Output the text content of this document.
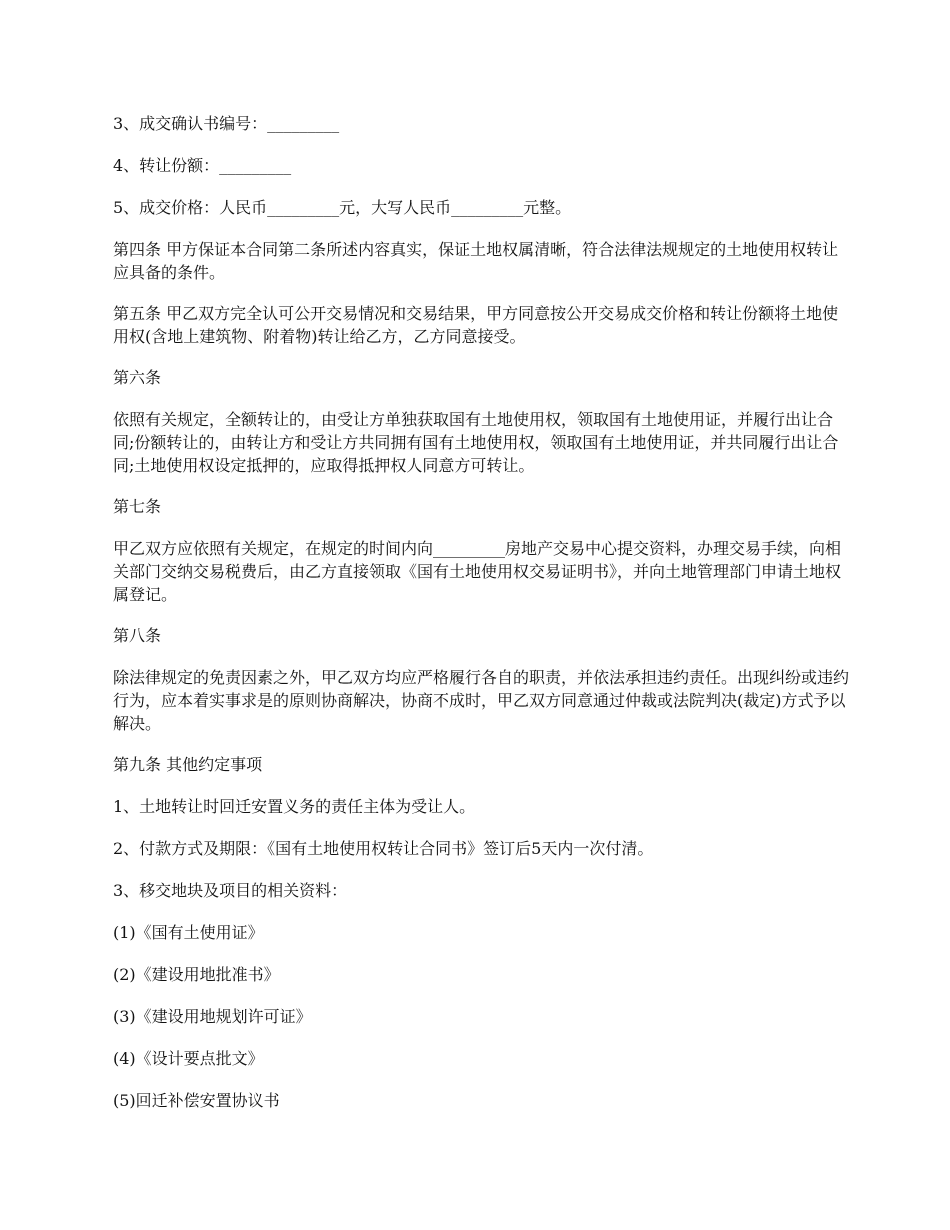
3、成交确认书编号：_________

4、转让份额：_________

5、成交价格：人民币_________元，大写人民币_________元整。

第四条 甲方保证本合同第二条所述内容真实，保证土地权属清晰，符合法律法规规定的土地使用权转让应具备的条件。

第五条 甲乙双方完全认可公开交易情况和交易结果，甲方同意按公开交易成交价格和转让份额将土地使用权(含地上建筑物、附着物)转让给乙方，乙方同意接受。

第六条

依照有关规定，全额转让的，由受让方单独获取国有土地使用权，领取国有土地使用证，并履行出让合同;份额转让的，由转让方和受让方共同拥有国有土地使用权，领取国有土地使用证，并共同履行出让合同;土地使用权设定抵押的，应取得抵押权人同意方可转让。

第七条

甲乙双方应依照有关规定，在规定的时间内向_________房地产交易中心提交资料，办理交易手续，向相关部门交纳交易税费后，由乙方直接领取《国有土地使用权交易证明书》，并向土地管理部门申请土地权属登记。

第八条

除法律规定的免责因素之外，甲乙双方均应严格履行各自的职责，并依法承担违约责任。出现纠纷或违约行为，应本着实事求是的原则协商解决，协商不成时，甲乙双方同意通过仲裁或法院判决(裁定)方式予以解决。

第九条 其他约定事项

1、土地转让时回迁安置义务的责任主体为受让人。

2、付款方式及期限：《国有土地使用权转让合同书》签订后5天内一次付清。

3、移交地块及项目的相关资料：

(1)《国有土使用证》

(2)《建设用地批准书》

(3)《建设用地规划许可证》

(4)《设计要点批文》

(5)回迁补偿安置协议书
